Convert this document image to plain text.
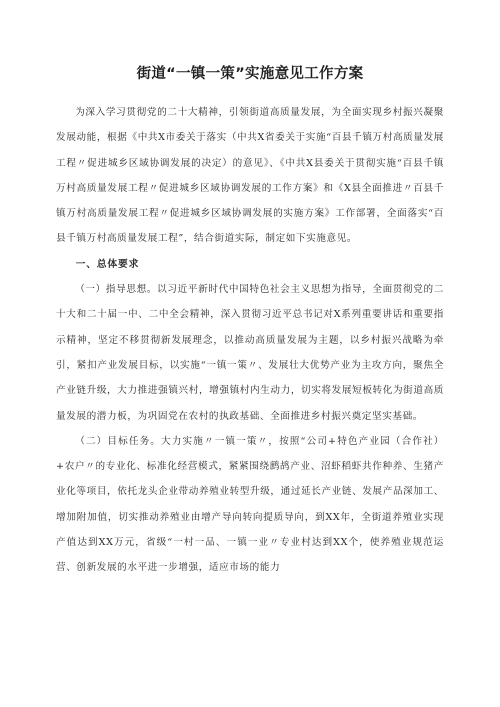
街道“一镇一策”实施意见工作方案

为深入学习贯彻党的二十大精神，引领街道高质量发展，为全面实现乡村振兴凝聚发展动能，根据《中共X市委关于落实（中共X省委关于实施“百县千镇万村高质量发展工程〃促进城乡区域协调发展的决定）的意见》、《中共X县委关于贯彻实施“百县千镇万村高质量发展工程〃促进城乡区域协调发展的工作方案》和《X县全面推进〃百县千镇万村高质量发展工程〃促进城乡区域协调发展的实施方案》工作部署，全面落实“百县千镇万村高质量发展工程”，结合街道实际，制定如下实施意见。

一、总体要求

（一）指导思想。以习近平新时代中国特色社会主义思想为指导，全面贯彻党的二十大和二十届一中、二中全会精神，深入贯彻习近平总书记对X系列重要讲话和重要指示精神，坚定不移贯彻新发展理念，以推动高质量发展为主题，以乡村振兴战略为牵引，紧扣产业发展目标，以实施“一镇一策〃、发展壮大优势产业为主攻方向，聚焦全产业链升级，大力推进强镇兴村，增强镇村内生动力，切实将发展短板转化为街道高质量发展的潜力板，为巩固党在农村的执政基础、全面推进乡村振兴奠定坚实基础。

（二）目标任务。大力实施〃一镇一策〃，按照“公司+特色产业园（合作社）+农户〃的专业化、标准化经营模式，紧紧围绕鹧鸪产业、沼虾稻虾共作种养、生猪产业化等项目，依托龙头企业带动养殖业转型升级，通过延长产业链、发展产品深加工、增加附加值，切实推动养殖业由增产导向转向提质导向，到XX年，全街道养殖业实现产值达到XX万元，省级“一村一品、一镇一业〃专业村达到XX个，使养殖业规范运营、创新发展的水平进一步增强，适应市场的能力
